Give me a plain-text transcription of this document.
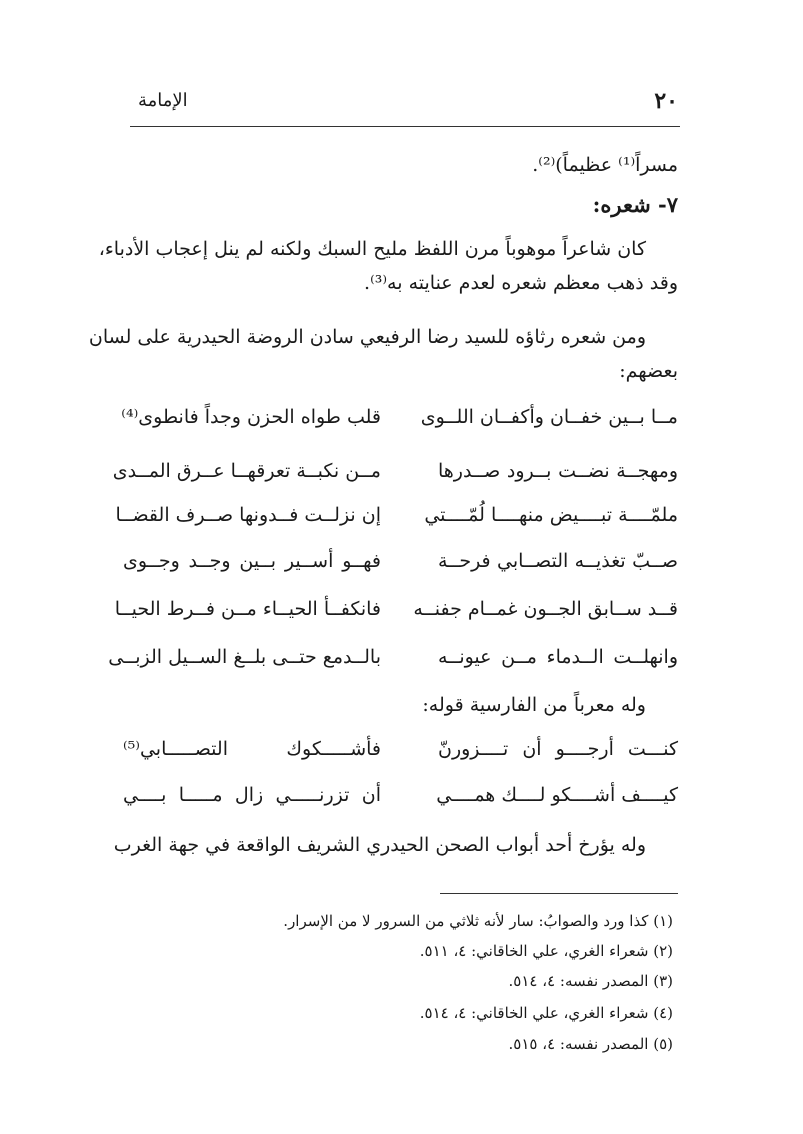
٢٠
الإمامة
مسراً⁽¹⁾ عظيماً)⁽²⁾.
٧- شعره:
كان شاعراً موهوباً مرن اللفظ مليح السبك ولكنه لم ينل إعجاب الأدباء،
وقد ذهب معظم شعره لعدم عنايته به⁽³⁾.
ومن شعره رثاؤه للسيد رضا الرفيعي سادن الروضة الحيدرية على لسان
بعضهم:
مــا بــين خفــان وأكفــان اللــوى
قلب طواه الحزن وجداً فانطوى⁽⁴⁾
ومهجــة نضــت بــرود صــدرها
مــن نكبــة تعرقهــا عــرق المــدى
ملمّــــة تبــــيض منهــــا لُمّــــتي
إن نزلــت فــدونها صــرف القضــا
صــبّ تغذيــه التصــابي فرحــة
فهــو أســير بــين وجــد وجــوى
قــد ســابق الجــون غمــام جفنــه
فانكفــأ الحيــاء مــن فــرط الحيــا
وانهلــت الــدماء مــن عيونــه
بالــدمع حتــى بلــغ الســيل الزبــى
وله معرباً من الفارسية قوله:
كنـــت أرجــــو أن تــــزورنّ
فأشـــــكوك التصـــــابي⁽⁵⁾
كيــــف أشــــكو لــــك همــــي
أن تزرنـــــي زال مـــــا بــــي
وله يؤرخ أحد أبواب الصحن الحيدري الشريف الواقعة في جهة الغرب
(١) كذا ورد والصوابُ: سار لأنه ثلاثي من السرور لا من الإسرار.
(٢) شعراء الغري، علي الخاقاني: ٤، ٥١١.
(٣) المصدر نفسه: ٤، ٥١٤.
(٤) شعراء الغري، علي الخاقاني: ٤، ٥١٤.
(٥) المصدر نفسه: ٤، ٥١٥.
